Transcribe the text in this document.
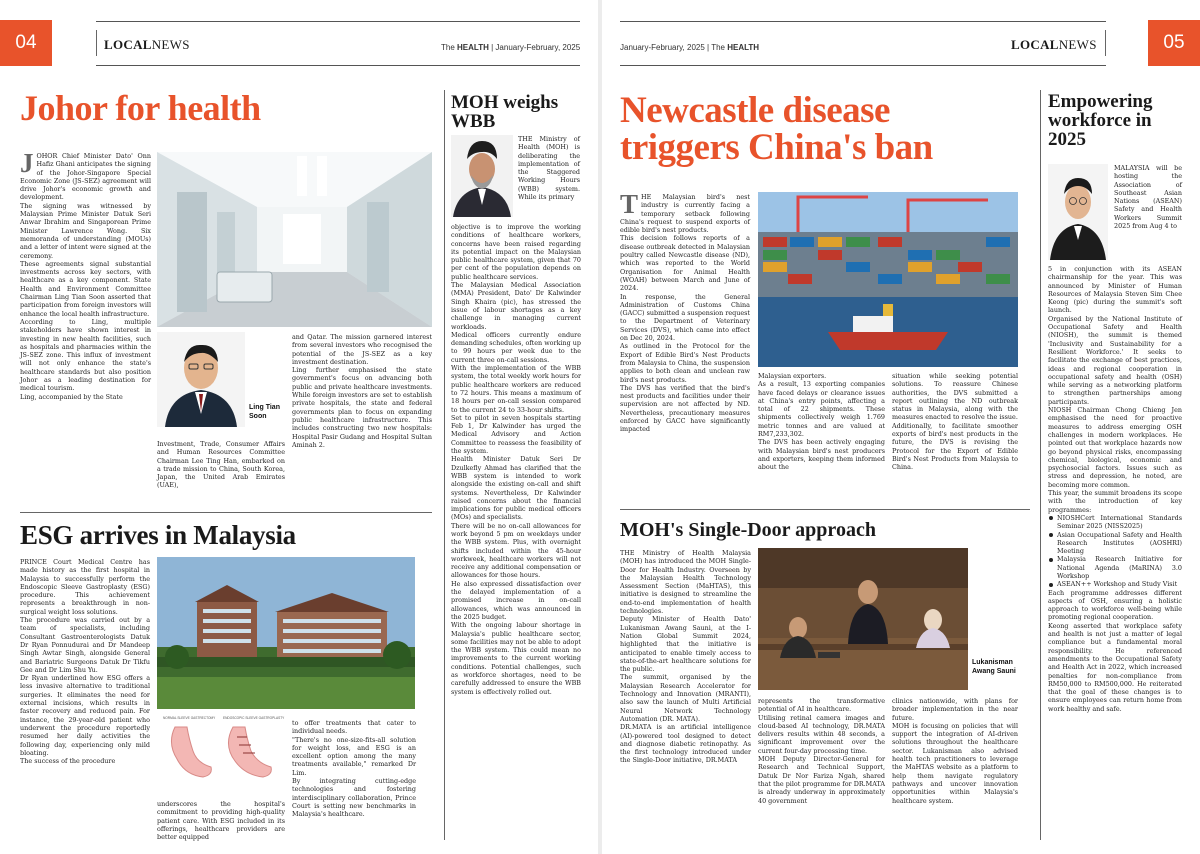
04	LOCALNEWS	The HEALTH | January-February, 2025
Johor for health
JOHOR Chief Minister Dato' Onn Hafiz Ghani anticipates the signing of the Johor-Singapore Special Economic Zone (JS-SEZ) agreement will drive Johor's economic growth and development.
The signing was witnessed by Malaysian Prime Minister Datuk Seri Anwar Ibrahim and Singaporean Prime Minister Lawrence Wong. Six memoranda of understanding (MOUs) and a letter of intent were signed at the ceremony.
These agreements signal substantial investments across key sectors, with healthcare as a key component. State Health and Environment Committee Chairman Ling Tian Soon asserted that participation from foreign investors will enhance the local health infrastructure.
According to Ling, multiple stakeholders have shown interest in investing in new health facilities, such as hospitals and pharmacies within the JS-SEZ zone. This influx of investment will not only enhance the state's healthcare standards but also position Johor as a leading destination for medical tourism.
Ling, accompanied by the State
Ling Tian Soon
Investment, Trade, Consumer Affairs and Human Resources Committee Chairman Lee Ting Han, embarked on a trade mission to China, South Korea, Japan, the United Arab Emirates (UAE),
and Qatar. The mission garnered interest from several investors who recognised the potential of the JS-SEZ as a key investment destination.
Ling further emphasised the state government's focus on advancing both public and private healthcare investments. While foreign investors are set to establish private hospitals, the state and federal governments plan to focus on expanding public healthcare infrastructure. This includes constructing two new hospitals: Hospital Pasir Gudang and Hospital Sultan Aminah 2.
ESG arrives in Malaysia
PRINCE Court Medical Centre has made history as the first hospital in Malaysia to successfully perform the Endoscopic Sleeve Gastroplasty (ESG) procedure. This achievement represents a breakthrough in non-surgical weight loss solutions.
The procedure was carried out by a team of specialists, including Consultant Gastroenterologists Datuk Dr Ryan Ponnudurai and Dr Mandeep Singh Awtar Singh, alongside General and Bariatric Surgeons Datuk Dr Tikfu Gee and Dr Lim Shu Yu.
Dr Ryan underlined how ESG offers a less invasive alternative to traditional surgeries. It eliminates the need for external incisions, which results in faster recovery and reduced pain. For instance, the 29-year-old patient who underwent the procedure reportedly resumed her daily activities the following day, experiencing only mild bloating.
The success of the procedure
NORMAL SLEEVE GASTRECTOMY ENDOSCOPIC SLEEVE GASTROPLASTY
underscores the hospital's commitment to providing high-quality patient care. With ESG included in its offerings, healthcare providers are better equipped
to offer treatments that cater to individual needs.
"There's no one-size-fits-all solution for weight loss, and ESG is an excellent option among the many treatments available," remarked Dr Lim.
By integrating cutting-edge technologies and fostering interdisciplinary collaboration, Prince Court is setting new benchmarks in Malaysia's healthcare.
MOH weighs WBB
THE Ministry of Health (MOH) is deliberating the implementation of the Staggered Working Hours (WBB) system. While its primary
objective is to improve the working conditions of healthcare workers, concerns have been raised regarding its potential impact on the Malaysian public healthcare system, given that 70 per cent of the population depends on public healthcare services.
The Malaysian Medical Association (MMA) President, Dato' Dr Kalwinder Singh Khaira (pic), has stressed the issue of labour shortages as a key challenge in managing current workloads.
Medical officers currently endure demanding schedules, often working up to 99 hours per week due to the current three on-call sessions.
With the implementation of the WBB system, the total weekly work hours for public healthcare workers are reduced to 72 hours. This means a maximum of 18 hours per on-call session compared to the current 24 to 33-hour shifts.
Set to pilot in seven hospitals starting Feb 1, Dr Kalwinder has urged the Medical Advisory and Action Committee to reassess the feasibility of the system.
Health Minister Datuk Seri Dr Dzulkefly Ahmad has clarified that the WBB system is intended to work alongside the existing on-call and shift systems. Nevertheless, Dr Kalwinder raised concerns about the financial implications for public medical officers (MOs) and specialists.
There will be no on-call allowances for work beyond 5 pm on weekdays under the WBB system. Plus, with overnight shifts included within the 45-hour workweek, healthcare workers will not receive any additional compensation or allowances for those hours.
He also expressed dissatisfaction over the delayed implementation of a promised increase in on-call allowances, which was announced in the 2025 budget.
With the ongoing labour shortage in Malaysia's public healthcare sector, some facilities may not be able to adopt the WBB system. This could mean no improvements to the current working conditions. Potential challenges, such as workforce shortages, need to be carefully addressed to ensure the WBB system is effectively rolled out.
January-February, 2025 | The HEALTH	LOCALNEWS	05
Newcastle disease
triggers China's ban
THE Malaysian bird's nest industry is currently facing a temporary setback following China's request to suspend exports of edible bird's nest products.
This decision follows reports of a disease outbreak detected in Malaysian poultry called Newcastle disease (ND), which was reported to the World Organisation for Animal Health (WOAH) between March and June of 2024.
In response, the General Administration of Customs China (GACC) submitted a suspension request to the Department of Veterinary Services (DVS), which came into effect on Dec 20, 2024.
As outlined in the Protocol for the Export of Edible Bird's Nest Products from Malaysia to China, the suspension applies to both clean and unclean raw bird's nest products.
The DVS has verified that the bird's nest products and facilities under their supervision are not affected by ND. Nevertheless, precautionary measures enforced by GACC have significantly impacted
Malaysian exporters.
As a result, 13 exporting companies have faced delays or clearance issues at China's entry points, affecting a total of 22 shipments. These shipments collectively weigh 1.769 metric tonnes and are valued at RM7,233,302.
The DVS has been actively engaging with Malaysian bird's nest producers and exporters, keeping them informed about the
situation while seeking potential solutions. To reassure Chinese authorities, the DVS submitted a report outlining the ND outbreak status in Malaysia, along with the measures enacted to resolve the issue.
Additionally, to facilitate smoother exports of bird's nest products in the future, the DVS is revising the Protocol for the Export of Edible Bird's Nest Products from Malaysia to China.
MOH's Single-Door approach
THE Ministry of Health Malaysia (MOH) has introduced the MOH Single-Door for Health Industry. Overseen by the Malaysian Health Technology Assessment Section (MaHTAS), this initiative is designed to streamline the end-to-end implementation of health technologies.
Deputy Minister of Health Dato' Lukanisman Awang Sauni, at the I-Nation Global Summit 2024, highlighted that the initiative is anticipated to enable timely access to state-of-the-art healthcare solutions for the public.
The summit, organised by the Malaysian Research Accelerator for Technology and Innovation (MRANTI), also saw the launch of Multi Artificial Neural Network Technology Automation (DR. MATA).
DR.MATA is an artificial intelligence (AI)-powered tool designed to detect and diagnose diabetic retinopathy. As the first technology introduced under the Single-Door initiative, DR.MATA
Lukanisman Awang Sauni
represents the transformative potential of AI in healthcare.
Utilising retinal camera images and cloud-based AI technology, DR.MATA delivers results within 48 seconds, a significant improvement over the current four-day processing time.
MOH Deputy Director-General for Research and Technical Support, Datuk Dr Nor Fariza Ngah, shared that the pilot programme for DR.MATA is already underway in approximately 40 government
clinics nationwide, with plans for broader implementation in the near future.
MOH is focusing on policies that will support the integration of AI-driven solutions throughout the healthcare sector. Lukanisman also advised health tech practitioners to leverage the MaHTAS website as a platform to help them navigate regulatory pathways and uncover innovation opportunities within Malaysia's healthcare system.
Empowering workforce in 2025
MALAYSIA will be hosting the Association of Southeast Asian Nations (ASEAN) Safety and Health Workers Summit 2025 from Aug 4 to
5 in conjunction with its ASEAN chairmanship for the year. This was announced by Minister of Human Resources of Malaysia Steven Sim Chee Keong (pic) during the summit's soft launch.
Organised by the National Institute of Occupational Safety and Health (NIOSH), the summit is themed 'Inclusivity and Sustainability for a Resilient Workforce.' It seeks to facilitate the exchange of best practices, ideas and regional cooperation in occupational safety and health (OSH) while serving as a networking platform to strengthen partnerships among participants.
NIOSH Chairman Chong Chieng Jen emphasised the need for proactive measures to address emerging OSH challenges in modern workplaces. He pointed out that workplace hazards now go beyond physical risks, encompassing chemical, biological, economic and psychosocial factors. Issues such as stress and depression, he noted, are becoming more common.
This year, the summit broadens its scope with the introduction of key programmes:
NIOSHCert International Standards Seminar 2025 (NISS2025)
Asian Occupational Safety and Health Research Institutes (AOSHRI) Meeting
Malaysia Research Initiative for National Agenda (MaRINA) 3.0 Workshop
ASEAN++ Workshop and Study Visit
Each programme addresses different aspects of OSH, ensuring a holistic approach to workforce well-being while promoting regional cooperation.
Keong asserted that workplace safety and health is not just a matter of legal compliance but a fundamental moral responsibility. He referenced amendments to the Occupational Safety and Health Act in 2022, which increased penalties for non-compliance from RM50,000 to RM500,000. He reiterated that the goal of these changes is to ensure employees can return home from work healthy and safe.
